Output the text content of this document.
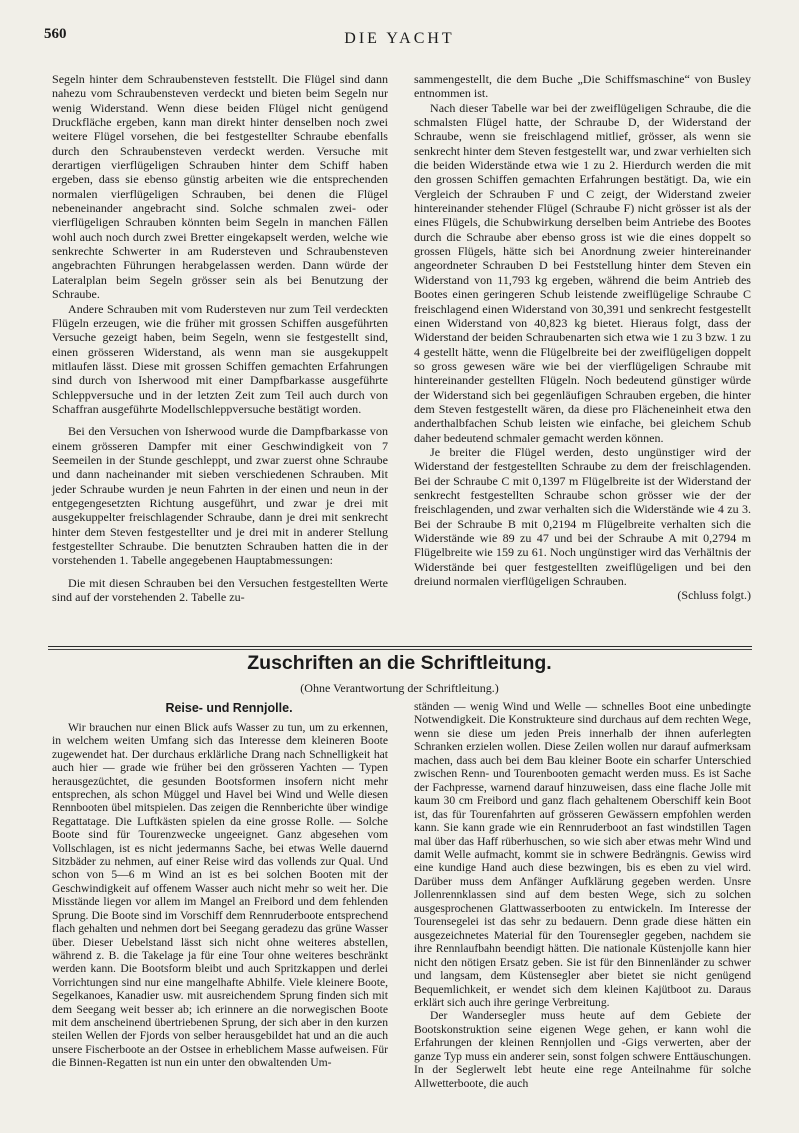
560	DIE YACHT

Segeln hinter dem Schraubensteven feststellt. Die Flügel sind dann nahezu vom Schraubensteven verdeckt und bieten beim Segeln nur wenig Widerstand. Wenn diese beiden Flügel nicht genügend Druckfläche ergeben, kann man direkt hinter denselben noch zwei weitere Flügel vorsehen, die bei festgestellter Schraube ebenfalls durch den Schraubensteven verdeckt werden. Versuche mit derartigen vierflügeligen Schrauben hinter dem Schiff haben ergeben, dass sie ebenso günstig arbeiten wie die entsprechenden normalen vierflügeligen Schrauben, bei denen die Flügel nebeneinander angebracht sind. Solche schmalen zwei- oder vierflügeligen Schrauben könnten beim Segeln in manchen Fällen wohl auch noch durch zwei Bretter eingekapselt werden, welche wie senkrechte Schwerter in am Rudersteven und Schraubensteven angebrachten Führungen herabgelassen werden. Dann würde der Lateralplan beim Segeln grösser sein als bei Benutzung der Schraube.

Andere Schrauben mit vom Rudersteven nur zum Teil verdeckten Flügeln erzeugen, wie die früher mit grossen Schiffen ausgeführten Versuche gezeigt haben, beim Segeln, wenn sie festgestellt sind, einen grösseren Widerstand, als wenn man sie ausgekuppelt mitlaufen lässt. Diese mit grossen Schiffen gemachten Erfahrungen sind durch von Isherwood mit einer Dampfbarkasse ausgeführte Schleppversuche und in der letzten Zeit zum Teil auch durch von Schaffran ausgeführte Modellschleppversuche bestätigt worden.

Bei den Versuchen von Isherwood wurde die Dampfbarkasse von einem grösseren Dampfer mit einer Geschwindigkeit von 7 Seemeilen in der Stunde geschleppt, und zwar zuerst ohne Schraube und dann nacheinander mit sieben verschiedenen Schrauben. Mit jeder Schraube wurden je neun Fahrten in der einen und neun in der entgegengesetzten Richtung ausgeführt, und zwar je drei mit ausgekuppelter freischlagender Schraube, dann je drei mit senkrecht hinter dem Steven festgestellter und je drei mit in anderer Stellung festgestellter Schraube. Die benutzten Schrauben hatten die in der vorstehenden 1. Tabelle angegebenen Hauptabmessungen:

Die mit diesen Schrauben bei den Versuchen festgestellten Werte sind auf der vorstehenden 2. Tabelle zu-

sammengestellt, die dem Buche „Die Schiffsmaschine“ von Busley entnommen ist.

Nach dieser Tabelle war bei der zweiflügeligen Schraube, die die schmalsten Flügel hatte, der Schraube D, der Widerstand der Schraube, wenn sie freischlagend mitlief, grösser, als wenn sie senkrecht hinter dem Steven festgestellt war, und zwar verhielten sich die beiden Widerstände etwa wie 1 zu 2. Hierdurch werden die mit den grossen Schiffen gemachten Erfahrungen bestätigt. Da, wie ein Vergleich der Schrauben F und C zeigt, der Widerstand zweier hintereinander stehender Flügel (Schraube F) nicht grösser ist als der eines Flügels, die Schubwirkung derselben beim Antriebe des Bootes durch die Schraube aber ebenso gross ist wie die eines doppelt so grossen Flügels, hätte sich bei Anordnung zweier hintereinander angeordneter Schrauben D bei Feststellung hinter dem Steven ein Widerstand von 11,793 kg ergeben, während die beim Antrieb des Bootes einen geringeren Schub leistende zweiflügelige Schraube C freischlagend einen Widerstand von 30,391 und senkrecht festgestellt einen Widerstand von 40,823 kg bietet. Hieraus folgt, dass der Widerstand der beiden Schraubenarten sich etwa wie 1 zu 3 bzw. 1 zu 4 gestellt hätte, wenn die Flügelbreite bei der zweiflügeligen doppelt so gross gewesen wäre wie bei der vierflügeligen Schraube mit hintereinander gestellten Flügeln. Noch bedeutend günstiger würde der Widerstand sich bei gegenläufigen Schrauben ergeben, die hinter dem Steven festgestellt wären, da diese pro Flächeneinheit etwa den anderthalbfachen Schub leisten wie einfache, bei gleichem Schub daher bedeutend schmaler gemacht werden können.

Je breiter die Flügel werden, desto ungünstiger wird der Widerstand der festgestellten Schraube zu dem der freischlagenden. Bei der Schraube C mit 0,1397 m Flügelbreite ist der Widerstand der senkrecht festgestellten Schraube schon grösser wie der der freischlagenden, und zwar verhalten sich die Widerstände wie 4 zu 3. Bei der Schraube B mit 0,2194 m Flügelbreite verhalten sich die Widerstände wie 89 zu 47 und bei der Schraube A mit 0,2794 m Flügelbreite wie 159 zu 61. Noch ungünstiger wird das Verhältnis der Widerstände bei quer festgestellten zweiflügeligen und bei den dreiund normalen vierflügeligen Schrauben.

(Schluss folgt.)

Zuschriften an die Schriftleitung.
(Ohne Verantwortung der Schriftleitung.)
Reise- und Rennjolle.

Wir brauchen nur einen Blick aufs Wasser zu tun, um zu erkennen, in welchem weiten Umfang sich das Interesse dem kleineren Boote zugewendet hat. Der durchaus erklärliche Drang nach Schnelligkeit hat auch hier — grade wie früher bei den grösseren Yachten — Typen herausgezüchtet, die gesunden Bootsformen insofern nicht mehr entsprechen, als schon Müggel und Havel bei Wind und Welle diesen Rennbooten übel mitspielen. Das zeigen die Rennberichte über windige Regattatage. Die Luftkästen spielen da eine grosse Rolle. — Solche Boote sind für Tourenzwecke ungeeignet. Ganz abgesehen vom Vollschlagen, ist es nicht jedermanns Sache, bei etwas Welle dauernd Sitzbäder zu nehmen, auf einer Reise wird das vollends zur Qual. Und schon von 5—6 m Wind an ist es bei solchen Booten mit der Geschwindigkeit auf offenem Wasser auch nicht mehr so weit her. Die Misstände liegen vor allem im Mangel an Freibord und dem fehlenden Sprung. Die Boote sind im Vorschiff dem Rennruderboote entsprechend flach gehalten und nehmen dort bei Seegang geradezu das grüne Wasser über. Dieser Uebelstand lässt sich nicht ohne weiteres abstellen, während z. B. die Takelage ja für eine Tour ohne weiteres beschränkt werden kann. Die Bootsform bleibt und auch Spritzkappen und derlei Vorrichtungen sind nur eine mangelhafte Abhilfe. Viele kleinere Boote, Segelkanoes, Kanadier usw. mit ausreichendem Sprung finden sich mit dem Seegang weit besser ab; ich erinnere an die norwegischen Boote mit dem anscheinend übertriebenen Sprung, der sich aber in den kurzen steilen Wellen der Fjords von selber herausgebildet hat und an die auch unsere Fischerboote an der Ostsee in erheblichem Masse aufweisen. Für die Binnen-Regatten ist nun ein unter den obwaltenden Um-

ständen — wenig Wind und Welle — schnelles Boot eine unbedingte Notwendigkeit. Die Konstrukteure sind durchaus auf dem rechten Wege, wenn sie diese um jeden Preis innerhalb der ihnen auferlegten Schranken erzielen wollen. Diese Zeilen wollen nur darauf aufmerksam machen, dass auch bei dem Bau kleiner Boote ein scharfer Unterschied zwischen Renn- und Tourenbooten gemacht werden muss. Es ist Sache der Fachpresse, warnend darauf hinzuweisen, dass eine flache Jolle mit kaum 30 cm Freibord und ganz flach gehaltenem Oberschiff kein Boot ist, das für Tourenfahrten auf grösseren Gewässern empfohlen werden kann. Sie kann grade wie ein Rennruderboot an fast windstillen Tagen mal über das Haff rüberhuschen, so wie sich aber etwas mehr Wind und damit Welle aufmacht, kommt sie in schwere Bedrängnis. Gewiss wird eine kundige Hand auch diese bezwingen, bis es eben zu viel wird. Darüber muss dem Anfänger Aufklärung gegeben werden. Unsre Jollenrennklassen sind auf dem besten Wege, sich zu solchen ausgesprochenen Glattwasserbooten zu entwickeln. Im Interesse der Tourensegelei ist das sehr zu bedauern. Denn grade diese hätten ein ausgezeichnetes Material für den Tourensegler gegeben, nachdem sie ihre Rennlaufbahn beendigt hätten. Die nationale Küstenjolle kann hier nicht den nötigen Ersatz geben. Sie ist für den Binnenländer zu schwer und langsam, dem Küstensegler aber bietet sie nicht genügend Bequemlichkeit, er wendet sich dem kleinen Kajütboot zu. Daraus erklärt sich auch ihre geringe Verbreitung.

Der Wandersegler muss heute auf dem Gebiete der Bootskonstruktion seine eigenen Wege gehen, er kann wohl die Erfahrungen der kleinen Rennjollen und -Gigs verwerten, aber der ganze Typ muss ein anderer sein, sonst folgen schwere Enttäuschungen. In der Seglerwelt lebt heute eine rege Anteilnahme für solche Allwetterboote, die auch
